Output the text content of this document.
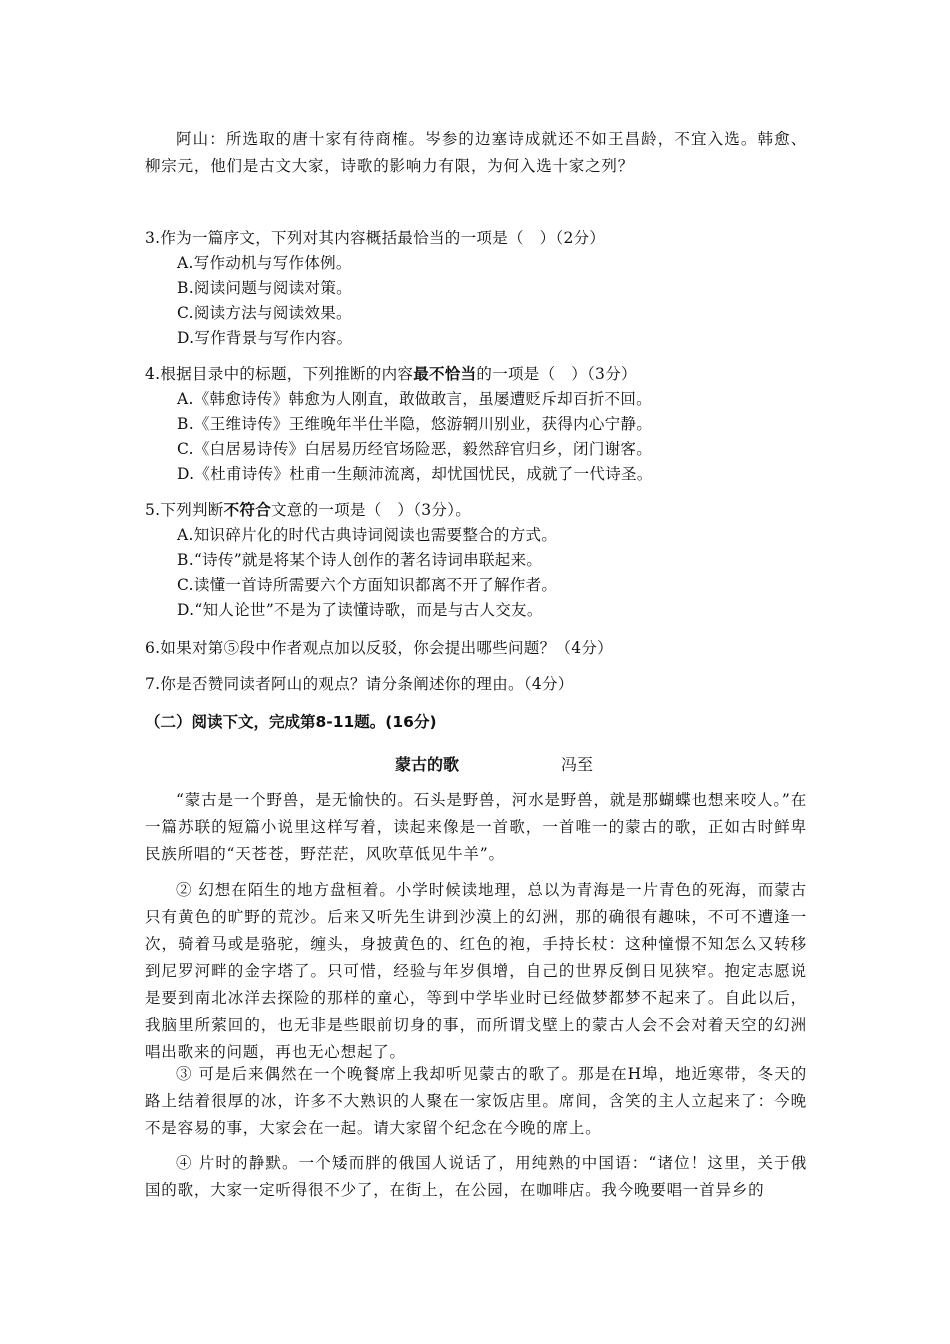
阿山：所选取的唐十家有待商榷。岑参的边塞诗成就还不如王昌龄，不宜入选。韩愈、柳宗元，他们是古文大家，诗歌的影响力有限，为何入选十家之列？

3.作为一篇序文，下列对其内容概括最恰当的一项是（　）（2分）

A.写作动机与写作体例。

B.阅读问题与阅读对策。

C.阅读方法与阅读效果。

D.写作背景与写作内容。

4.根据目录中的标题，下列推断的内容最不恰当的一项是（　）（3分）

A.《韩愈诗传》韩愈为人刚直，敢做敢言，虽屡遭贬斥却百折不回。

B.《王维诗传》王维晚年半仕半隐，悠游辋川别业，获得内心宁静。

C.《白居易诗传》白居易历经官场险恶，毅然辞官归乡，闭门谢客。

D.《杜甫诗传》杜甫一生颠沛流离，却忧国忧民，成就了一代诗圣。

5.下列判断不符合文意的一项是（　）（3分）。

A.知识碎片化的时代古典诗词阅读也需要整合的方式。

B.“诗传”就是将某个诗人创作的著名诗词串联起来。

C.读懂一首诗所需要六个方面知识都离不开了解作者。

D.“知人论世”不是为了读懂诗歌，而是与古人交友。

6.如果对第⑤段中作者观点加以反驳，你会提出哪些问题？（4分）

7.你是否赞同读者阿山的观点？请分条阐述你的理由。（4分）

（二）阅读下文，完成第8-11题。(16分)

蒙古的歌	冯至

“蒙古是一个野兽，是无愉快的。石头是野兽，河水是野兽，就是那蝴蝶也想来咬人。”在一篇苏联的短篇小说里这样写着，读起来像是一首歌，一首唯一的蒙古的歌，正如古时鲜卑民族所唱的“天苍苍，野茫茫，风吹草低见牛羊”。

② 幻想在陌生的地方盘桓着。小学时候读地理，总以为青海是一片青色的死海，而蒙古只有黄色的旷野的荒沙。后来又听先生讲到沙漠上的幻洲，那的确很有趣味，不可不遭逢一次，骑着马或是骆驼，缠头，身披黄色的、红色的袍，手持长杖：这种憧憬不知怎么又转移到尼罗河畔的金字塔了。只可惜，经验与年岁俱增，自己的世界反倒日见狭窄。抱定志愿说是要到南北冰洋去探险的那样的童心，等到中学毕业时已经做梦都梦不起来了。自此以后，我脑里所萦回的，也无非是些眼前切身的事，而所谓戈壁上的蒙古人会不会对着天空的幻洲唱出歌来的问题，再也无心想起了。

③ 可是后来偶然在一个晚餐席上我却听见蒙古的歌了。那是在H埠，地近寒带，冬天的路上结着很厚的冰，许多不大熟识的人聚在一家饭店里。席间，含笑的主人立起来了：今晚不是容易的事，大家会在一起。请大家留个纪念在今晚的席上。

④ 片时的静默。一个矮而胖的俄国人说话了，用纯熟的中国语：“诸位！这里，关于俄国的歌，大家一定听得很不少了，在街上，在公园，在咖啡店。我今晚要唱一首异乡的
